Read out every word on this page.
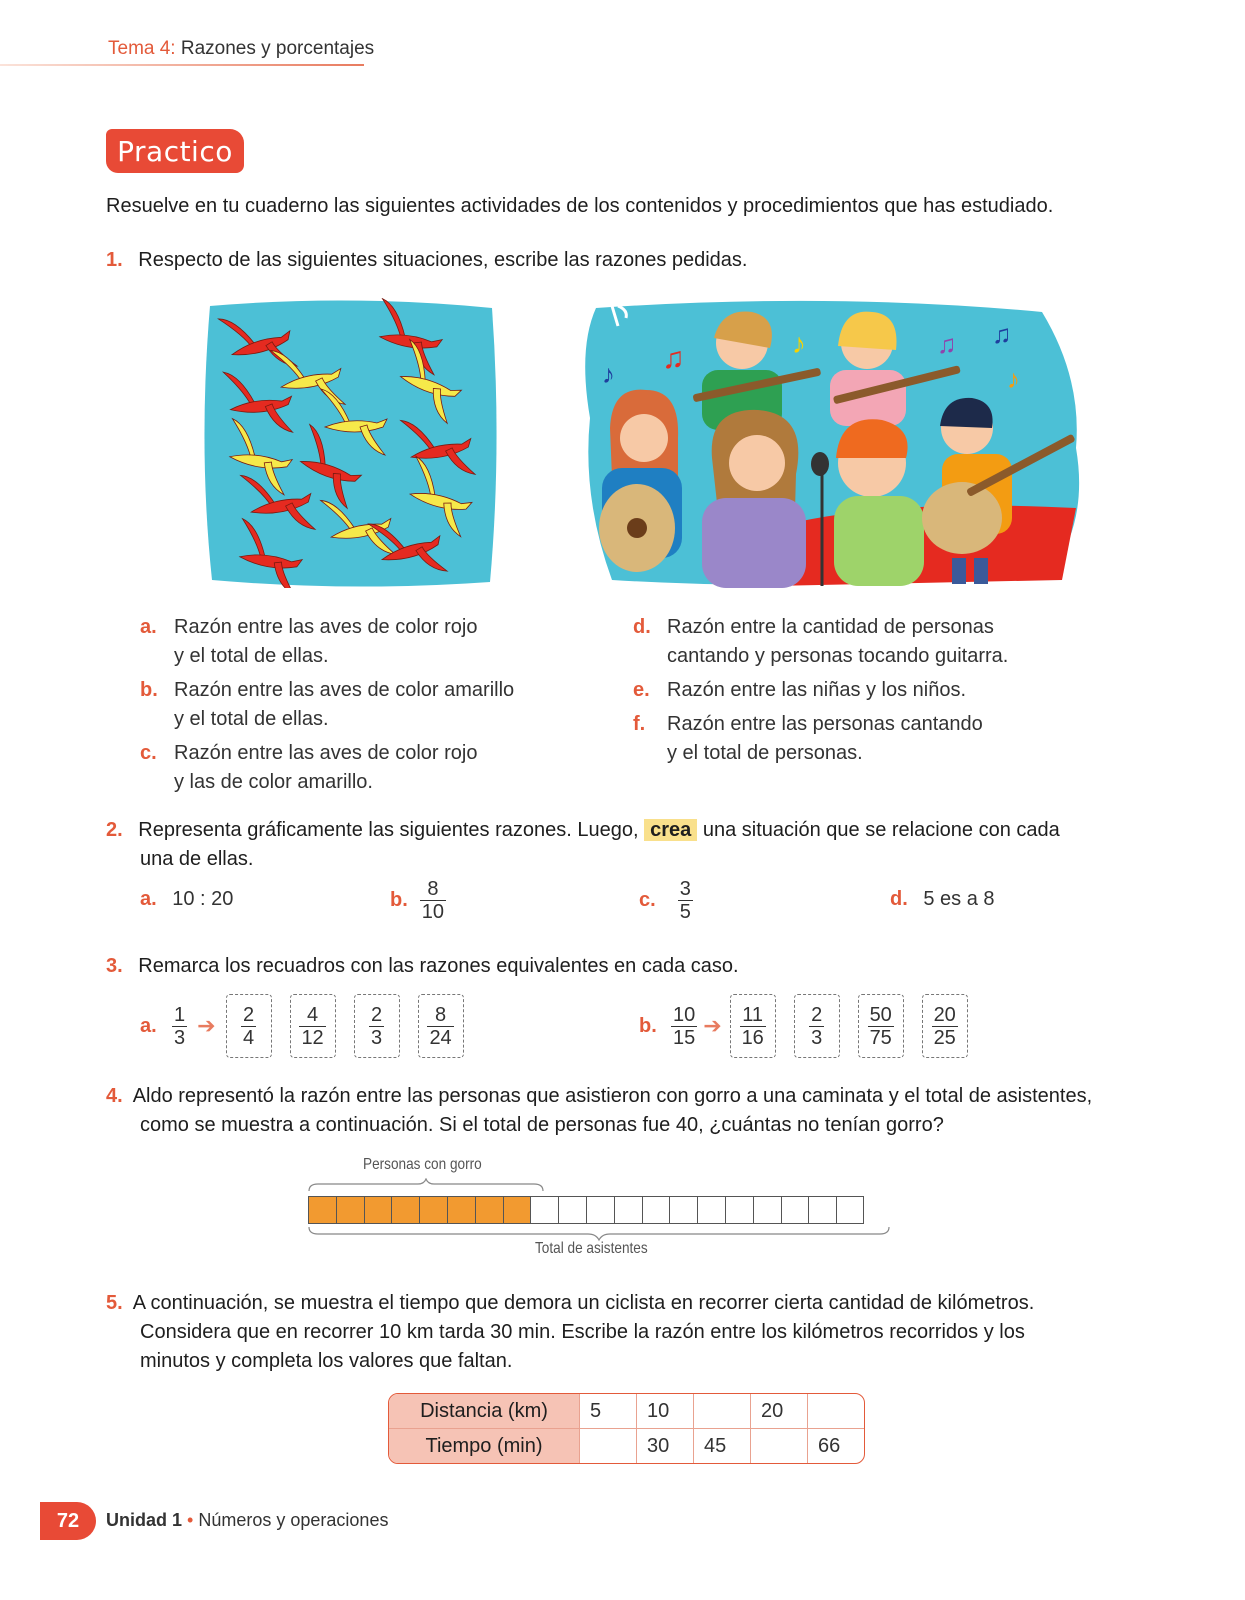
Tema 4: Razones y porcentajes
Practico
Resuelve en tu cuaderno las siguientes actividades de los contenidos y procedimientos que has estudiado.
1. Respecto de las siguientes situaciones, escribe las razones pedidas.
♫
♪
♪	♫ ♫
♪
a. Razón entre las aves de color rojo
y el total de ellas.
b. Razón entre las aves de color amarillo
y el total de ellas.
c. Razón entre las aves de color rojo
y las de color amarillo.
d. Razón entre la cantidad de personas
cantando y personas tocando guitarra.
e. Razón entre las niñas y los niños.
f.	Razón entre las personas cantando
y el total de personas.
2. Representa gráficamente las siguientes razones. Luego, crea una situación que se relacione con cada
una de ellas.
a. 10 : 20	b. $\frac{8}{10}$	c. $\frac{3}{5}$	d. 5 es a 8
3. Remarca los recuadros con las razones equivalentes en cada caso.
a. $\frac{1}{3}$ ➔ $\frac{2}{4} \frac{4}{12} \frac{2}{3} \frac{8}{24}$	b. $\frac{10}{15}$ ➔ $\frac{11}{16} \frac{2}{3} \frac{50}{75} \frac{20}{25}$
4. Aldo representó la razón entre las personas que asistieron con gorro a una caminata y el total de asistentes,
como se muestra a continuación. Si el total de personas fue 40, ¿cuántas no tenían gorro?
Personas con gorro
Total de asistentes
5. A continuación, se muestra el tiempo que demora un ciclista en recorrer cierta cantidad de kilómetros.
Considera que en recorrer 10 km tarda 30 min. Escribe la razón entre los kilómetros recorridos y los
minutos y completa los valores que faltan.
Distancia (km)	5	10		20	
Tiempo (min)		30	45		66
72	Unidad 1 • Números y operaciones
